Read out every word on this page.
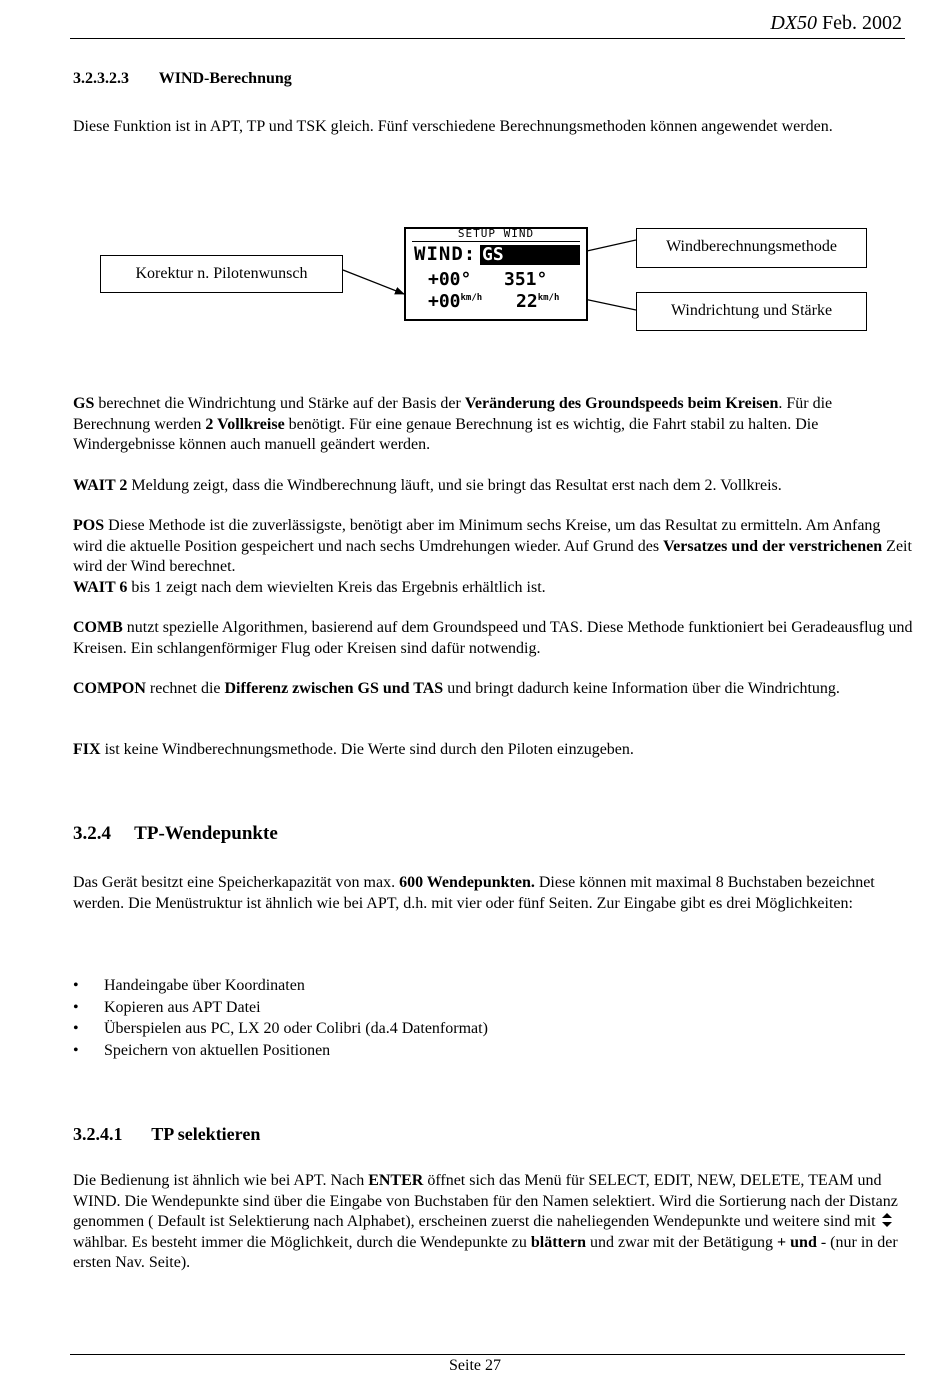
DX50 Feb. 2002
3.2.3.2.3 WIND-Berechnung
Diese Funktion ist in APT, TP und TSK gleich. Fünf verschiedene Berechnungsmethoden können angewendet werden.
Korektur n. Pilotenwunsch
Windberechnungsmethode
Windrichtung und Stärke
SETUP WIND
WIND: GS
+00° 351°
$+00^{km/h}$ $22^{km/h}$
GS berechnet die Windrichtung und Stärke auf der Basis der Veränderung des Groundspeeds beim Kreisen. Für die Berechnung werden 2 Vollkreise benötigt. Für eine genaue Berechnung ist es wichtig, die Fahrt stabil zu halten. Die Windergebnisse können auch manuell geändert werden.
WAIT 2 Meldung zeigt, dass die Windberechnung läuft, und sie bringt das Resultat erst nach dem 2. Vollkreis.
POS Diese Methode ist die zuverlässigste, benötigt aber im Minimum sechs Kreise, um das Resultat zu ermitteln. Am Anfang wird die aktuelle Position gespeichert und nach sechs Umdrehungen wieder. Auf Grund des Versatzes und der verstrichenen Zeit wird der Wind berechnet.
WAIT 6 bis 1 zeigt nach dem wievielten Kreis das Ergebnis erhältlich ist.
COMB nutzt spezielle Algorithmen, basierend auf dem Groundspeed und TAS. Diese Methode funktioniert bei Geradeausflug und Kreisen. Ein schlangenförmiger Flug oder Kreisen sind dafür notwendig.
COMPON rechnet die Differenz zwischen GS und TAS und bringt dadurch keine Information über die Windrichtung.
FIX ist keine Windberechnungsmethode. Die Werte sind durch den Piloten einzugeben.
3.2.4 TP-Wendepunkte
Das Gerät besitzt eine Speicherkapazität von max. 600 Wendepunkten. Diese können mit maximal 8 Buchstaben bezeichnet werden. Die Menüstruktur ist ähnlich wie bei APT, d.h. mit vier oder fünf Seiten. Zur Eingabe gibt es drei Möglichkeiten:
• Handeingabe über Koordinaten
• Kopieren aus APT Datei
• Überspielen aus PC, LX 20 oder Colibri (da.4 Datenformat)
• Speichern von aktuellen Positionen
3.2.4.1 TP selektieren
Die Bedienung ist ähnlich wie bei APT. Nach ENTER öffnet sich das Menü für SELECT, EDIT, NEW, DELETE, TEAM und WIND. Die Wendepunkte sind über die Eingabe von Buchstaben für den Namen selektiert. Wird die Sortierung nach der Distanz genommen ( Default ist Selektierung nach Alphabet), erscheinen zuerst die naheliegenden Wendepunkte und weitere sind mit  wählbar. Es besteht immer die Möglichkeit, durch die Wendepunkte zu blättern und zwar mit der Betätigung + und - (nur in der ersten Nav. Seite).
Seite 27
